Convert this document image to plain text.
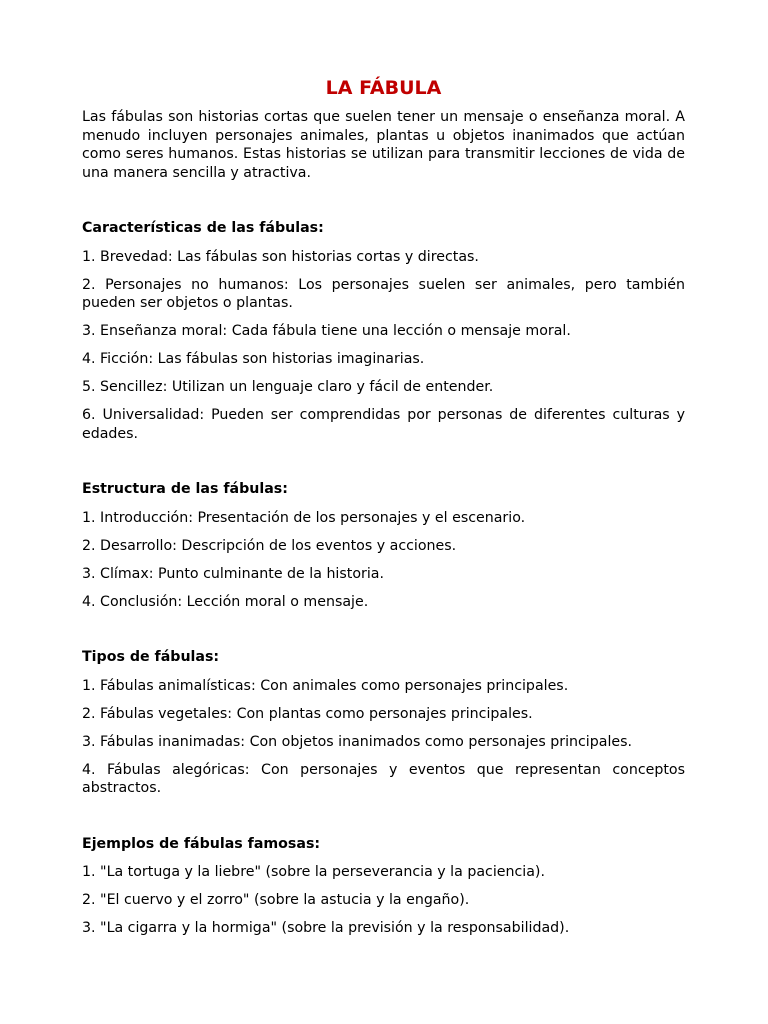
LA FÁBULA

Las fábulas son historias cortas que suelen tener un mensaje o enseñanza moral. A menudo incluyen personajes animales, plantas u objetos inanimados que actúan como seres humanos. Estas historias se utilizan para transmitir lecciones de vida de una manera sencilla y atractiva.

Características de las fábulas:

1. Brevedad: Las fábulas son historias cortas y directas.

2. Personajes no humanos: Los personajes suelen ser animales, pero también pueden ser objetos o plantas.

3. Enseñanza moral: Cada fábula tiene una lección o mensaje moral.

4. Ficción: Las fábulas son historias imaginarias.

5. Sencillez: Utilizan un lenguaje claro y fácil de entender.

6. Universalidad: Pueden ser comprendidas por personas de diferentes culturas y edades.

Estructura de las fábulas:

1. Introducción: Presentación de los personajes y el escenario.

2. Desarrollo: Descripción de los eventos y acciones.

3. Clímax: Punto culminante de la historia.

4. Conclusión: Lección moral o mensaje.

Tipos de fábulas:

1. Fábulas animalísticas: Con animales como personajes principales.

2. Fábulas vegetales: Con plantas como personajes principales.

3. Fábulas inanimadas: Con objetos inanimados como personajes principales.

4. Fábulas alegóricas: Con personajes y eventos que representan conceptos abstractos.

Ejemplos de fábulas famosas:

1. "La tortuga y la liebre" (sobre la perseverancia y la paciencia).

2. "El cuervo y el zorro" (sobre la astucia y la engaño).

3. "La cigarra y la hormiga" (sobre la previsión y la responsabilidad).
